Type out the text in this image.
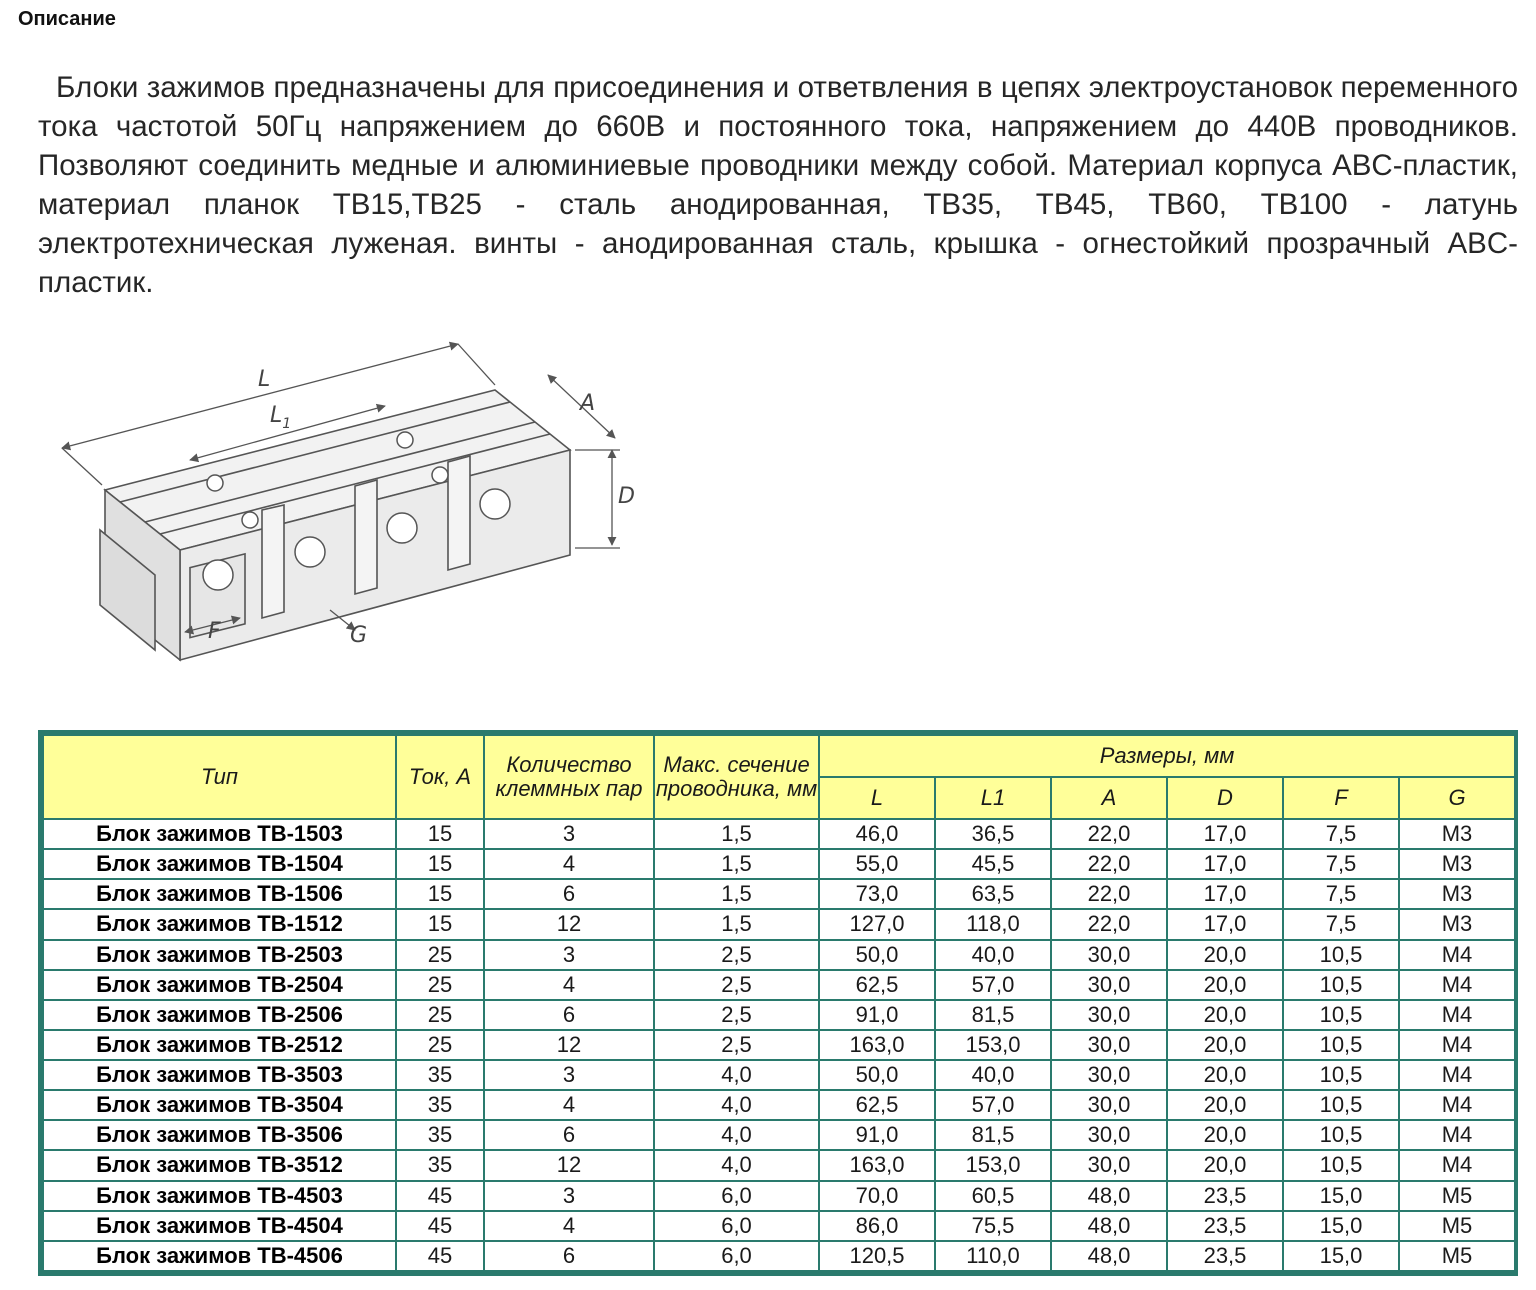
Описание

Блоки зажимов предназначены для присоединения и ответвления в цепях электроустановок переменного тока частотой 50Гц напряжением до 660В и постоянного тока, напряжением до 440В проводников. Позволяют соединить медные и алюминиевые проводники между собой. Материал корпуса ABC-пластик, материал планок ТВ15,ТВ25 - сталь анодированная, ТВ35, ТВ45, ТВ60, ТВ100 - латунь электротехническая луженая. винты - анодированная сталь, крышка - огнестойкий прозрачный ABC-пластик.

L
$L_1$
A
D
F	G
Тип	Ток, А	Количество клеммных пар	Макс. сечение проводника, мм	Размеры, мм					
				L	L1	A	D	F	G
Блок зажимов ТВ-1503	15	3	1,5	46,0	36,5	22,0	17,0	7,5	М3
Блок зажимов ТВ-1504	15	4	1,5	55,0	45,5	22,0	17,0	7,5	М3
Блок зажимов ТВ-1506	15	6	1,5	73,0	63,5	22,0	17,0	7,5	М3
Блок зажимов ТВ-1512	15	12	1,5	127,0	118,0	22,0	17,0	7,5	М3
Блок зажимов ТВ-2503	25	3	2,5	50,0	40,0	30,0	20,0	10,5	М4
Блок зажимов ТВ-2504	25	4	2,5	62,5	57,0	30,0	20,0	10,5	М4
Блок зажимов ТВ-2506	25	6	2,5	91,0	81,5	30,0	20,0	10,5	М4
Блок зажимов ТВ-2512	25	12	2,5	163,0	153,0	30,0	20,0	10,5	М4
Блок зажимов ТВ-3503	35	3	4,0	50,0	40,0	30,0	20,0	10,5	М4
Блок зажимов ТВ-3504	35	4	4,0	62,5	57,0	30,0	20,0	10,5	М4
Блок зажимов ТВ-3506	35	6	4,0	91,0	81,5	30,0	20,0	10,5	М4
Блок зажимов ТВ-3512	35	12	4,0	163,0	153,0	30,0	20,0	10,5	М4
Блок зажимов ТВ-4503	45	3	6,0	70,0	60,5	48,0	23,5	15,0	М5
Блок зажимов ТВ-4504	45	4	6,0	86,0	75,5	48,0	23,5	15,0	М5
Блок зажимов ТВ-4506	45	6	6,0	120,5	110,0	48,0	23,5	15,0	М5
